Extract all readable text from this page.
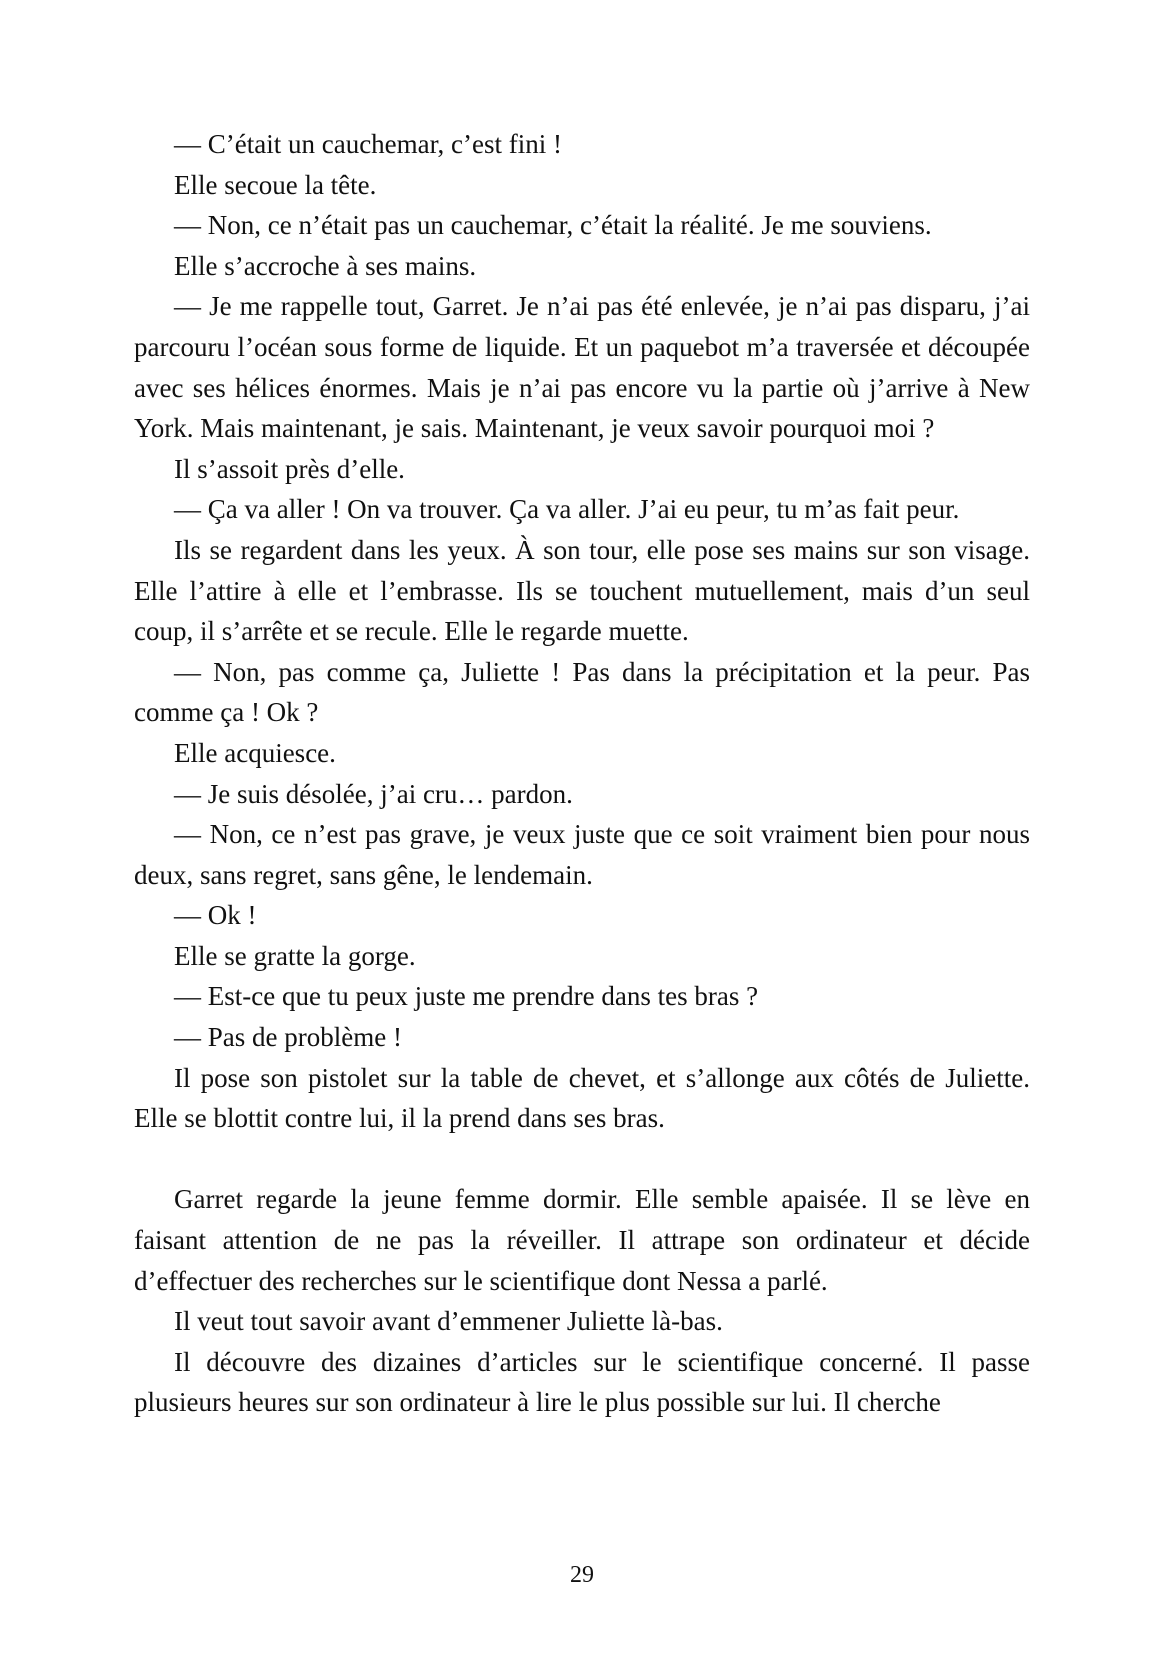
— C’était un cauchemar, c’est fini !

Elle secoue la tête.

— Non, ce n’était pas un cauchemar, c’était la réalité. Je me souviens.

Elle s’accroche à ses mains.

— Je me rappelle tout, Garret. Je n’ai pas été enlevée, je n’ai pas disparu, j’ai parcouru l’océan sous forme de liquide. Et un paquebot m’a traversée et découpée avec ses hélices énormes. Mais je n’ai pas encore vu la partie où j’arrive à New York. Mais maintenant, je sais. Maintenant, je veux savoir pourquoi moi ?

Il s’assoit près d’elle.

— Ça va aller ! On va trouver. Ça va aller. J’ai eu peur, tu m’as fait peur.

Ils se regardent dans les yeux. À son tour, elle pose ses mains sur son visage. Elle l’attire à elle et l’embrasse. Ils se touchent mutuellement, mais d’un seul coup, il s’arrête et se recule. Elle le regarde muette.

— Non, pas comme ça, Juliette ! Pas dans la précipitation et la peur. Pas comme ça ! Ok ?

Elle acquiesce.

— Je suis désolée, j’ai cru… pardon.

— Non, ce n’est pas grave, je veux juste que ce soit vraiment bien pour nous deux, sans regret, sans gêne, le lendemain.

— Ok !

Elle se gratte la gorge.

— Est-ce que tu peux juste me prendre dans tes bras ?

— Pas de problème !

Il pose son pistolet sur la table de chevet, et s’allonge aux côtés de Juliette. Elle se blottit contre lui, il la prend dans ses bras.

Garret regarde la jeune femme dormir. Elle semble apaisée. Il se lève en faisant attention de ne pas la réveiller. Il attrape son ordinateur et décide d’effectuer des recherches sur le scientifique dont Nessa a parlé.

Il veut tout savoir avant d’emmener Juliette là-bas.

Il découvre des dizaines d’articles sur le scientifique concerné. Il passe plusieurs heures sur son ordinateur à lire le plus possible sur lui. Il cherche

29
